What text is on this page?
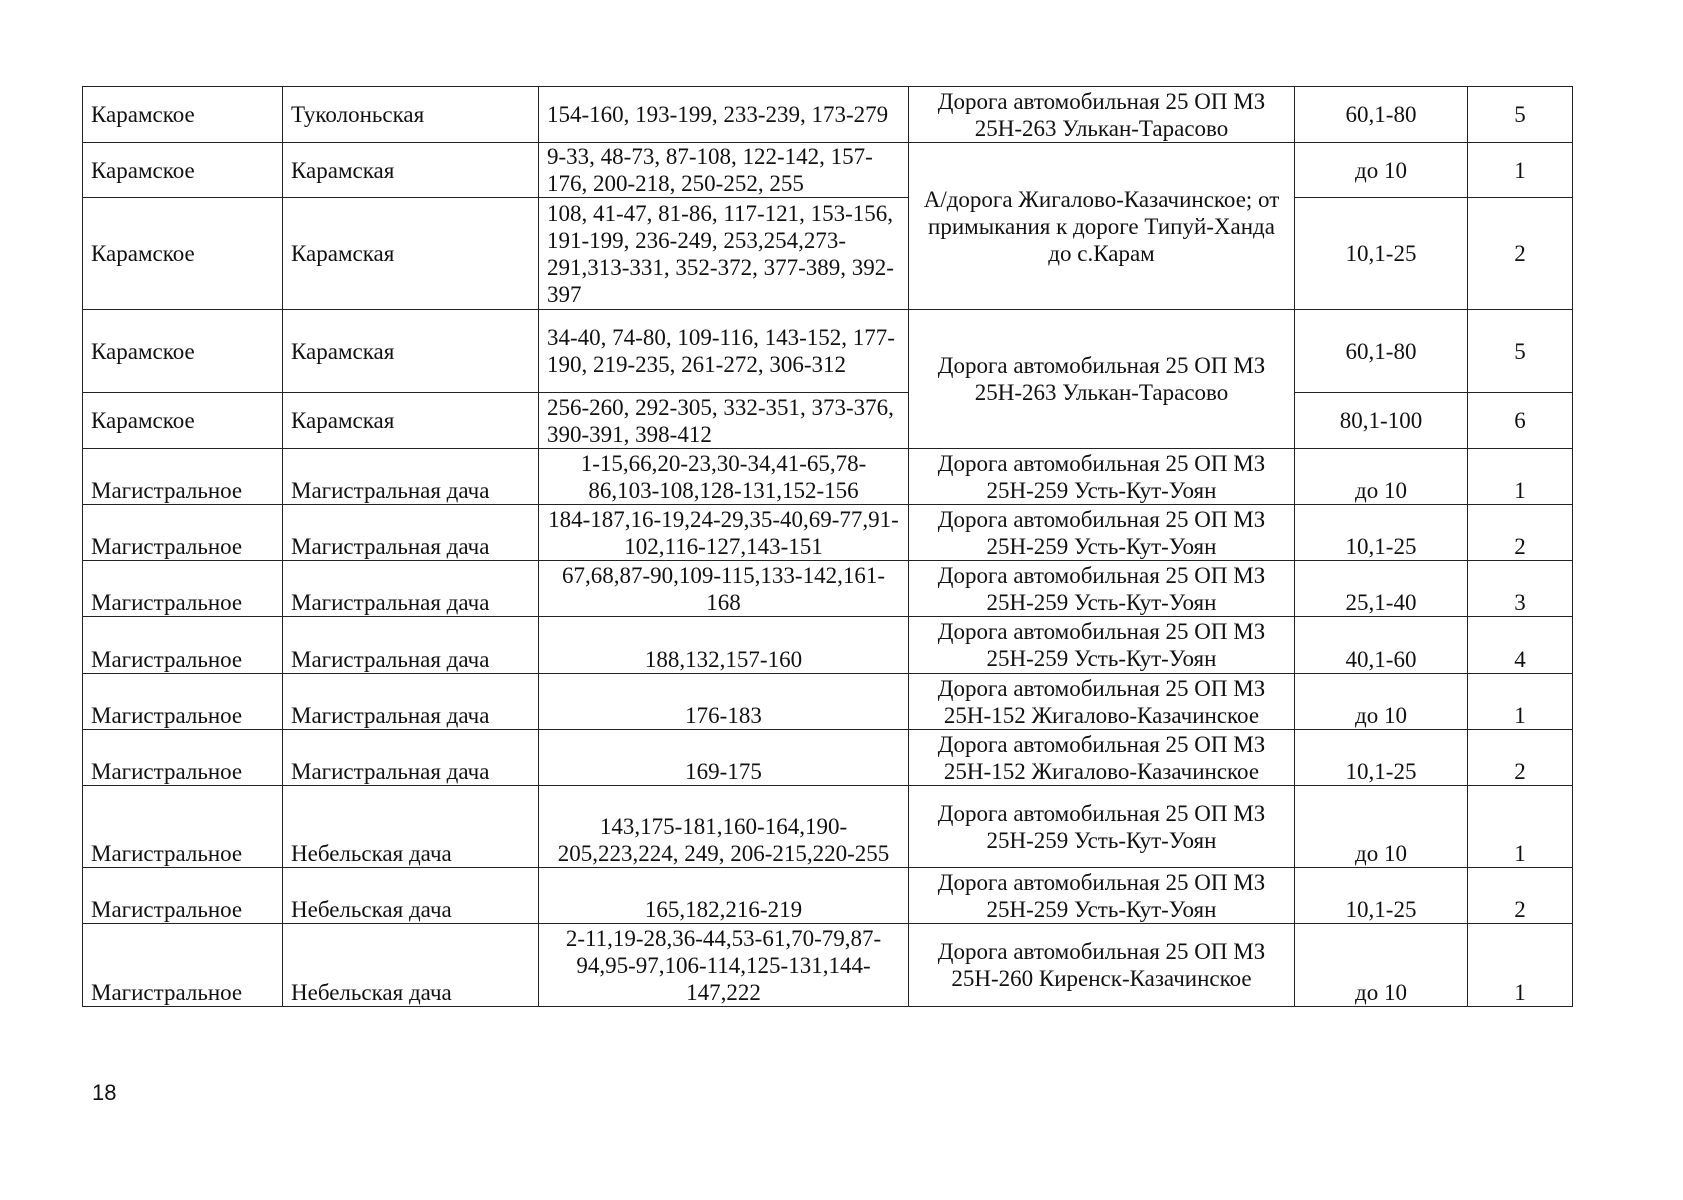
Карамское	Туколоньская	154-160, 193-199, 233-239, 173-279	Дорога автомобильная 25 ОП МЗ 25Н-263 Улькан-Тарасово	60,1-80	5
Карамское	Карамская	9-33, 48-73, 87-108, 122-142, 157-176, 200-218, 250-252, 255	А/дорога Жигалово-Казачинское; от примыкания к дороге Типуй-Ханда до с.Карам	до 10	1
Карамское	Карамская	108, 41-47, 81-86, 117-121, 153-156, 191-199, 236-249, 253,254,273-291,313-331, 352-372, 377-389, 392-397		10,1-25	2
Карамское	Карамская	34-40, 74-80, 109-116, 143-152, 177-190, 219-235, 261-272, 306-312	Дорога автомобильная 25 ОП МЗ 25Н-263 Улькан-Тарасово	60,1-80	5
Карамское	Карамская	256-260, 292-305, 332-351, 373-376, 390-391, 398-412		80,1-100	6
Магистральное	Магистральная дача	1-15,66,20-23,30-34,41-65,78-86,103-108,128-131,152-156	Дорога автомобильная 25 ОП МЗ 25Н-259 Усть-Кут-Уоян	до 10	1
Магистральное	Магистральная дача	184-187,16-19,24-29,35-40,69-77,91-102,116-127,143-151	Дорога автомобильная 25 ОП МЗ 25Н-259 Усть-Кут-Уоян	10,1-25	2
Магистральное	Магистральная дача	67,68,87-90,109-115,133-142,161-168	Дорога автомобильная 25 ОП МЗ 25Н-259 Усть-Кут-Уоян	25,1-40	3
Магистральное	Магистральная дача	188,132,157-160	Дорога автомобильная 25 ОП МЗ 25Н-259 Усть-Кут-Уоян	40,1-60	4
Магистральное	Магистральная дача	176-183	Дорога автомобильная 25 ОП МЗ 25Н-152 Жигалово-Казачинское	до 10	1
Магистральное	Магистральная дача	169-175	Дорога автомобильная 25 ОП МЗ 25Н-152 Жигалово-Казачинское	10,1-25	2
Магистральное	Небельская дача	143,175-181,160-164,190-205,223,224, 249, 206-215,220-255	Дорога автомобильная 25 ОП МЗ 25Н-259 Усть-Кут-Уоян	до 10	1
Магистральное	Небельская дача	165,182,216-219	Дорога автомобильная 25 ОП МЗ 25Н-259 Усть-Кут-Уоян	10,1-25	2
Магистральное	Небельская дача	2-11,19-28,36-44,53-61,70-79,87-94,95-97,106-114,125-131,144-147,222	Дорога автомобильная 25 ОП МЗ 25Н-260 Киренск-Казачинское	до 10	1
18
